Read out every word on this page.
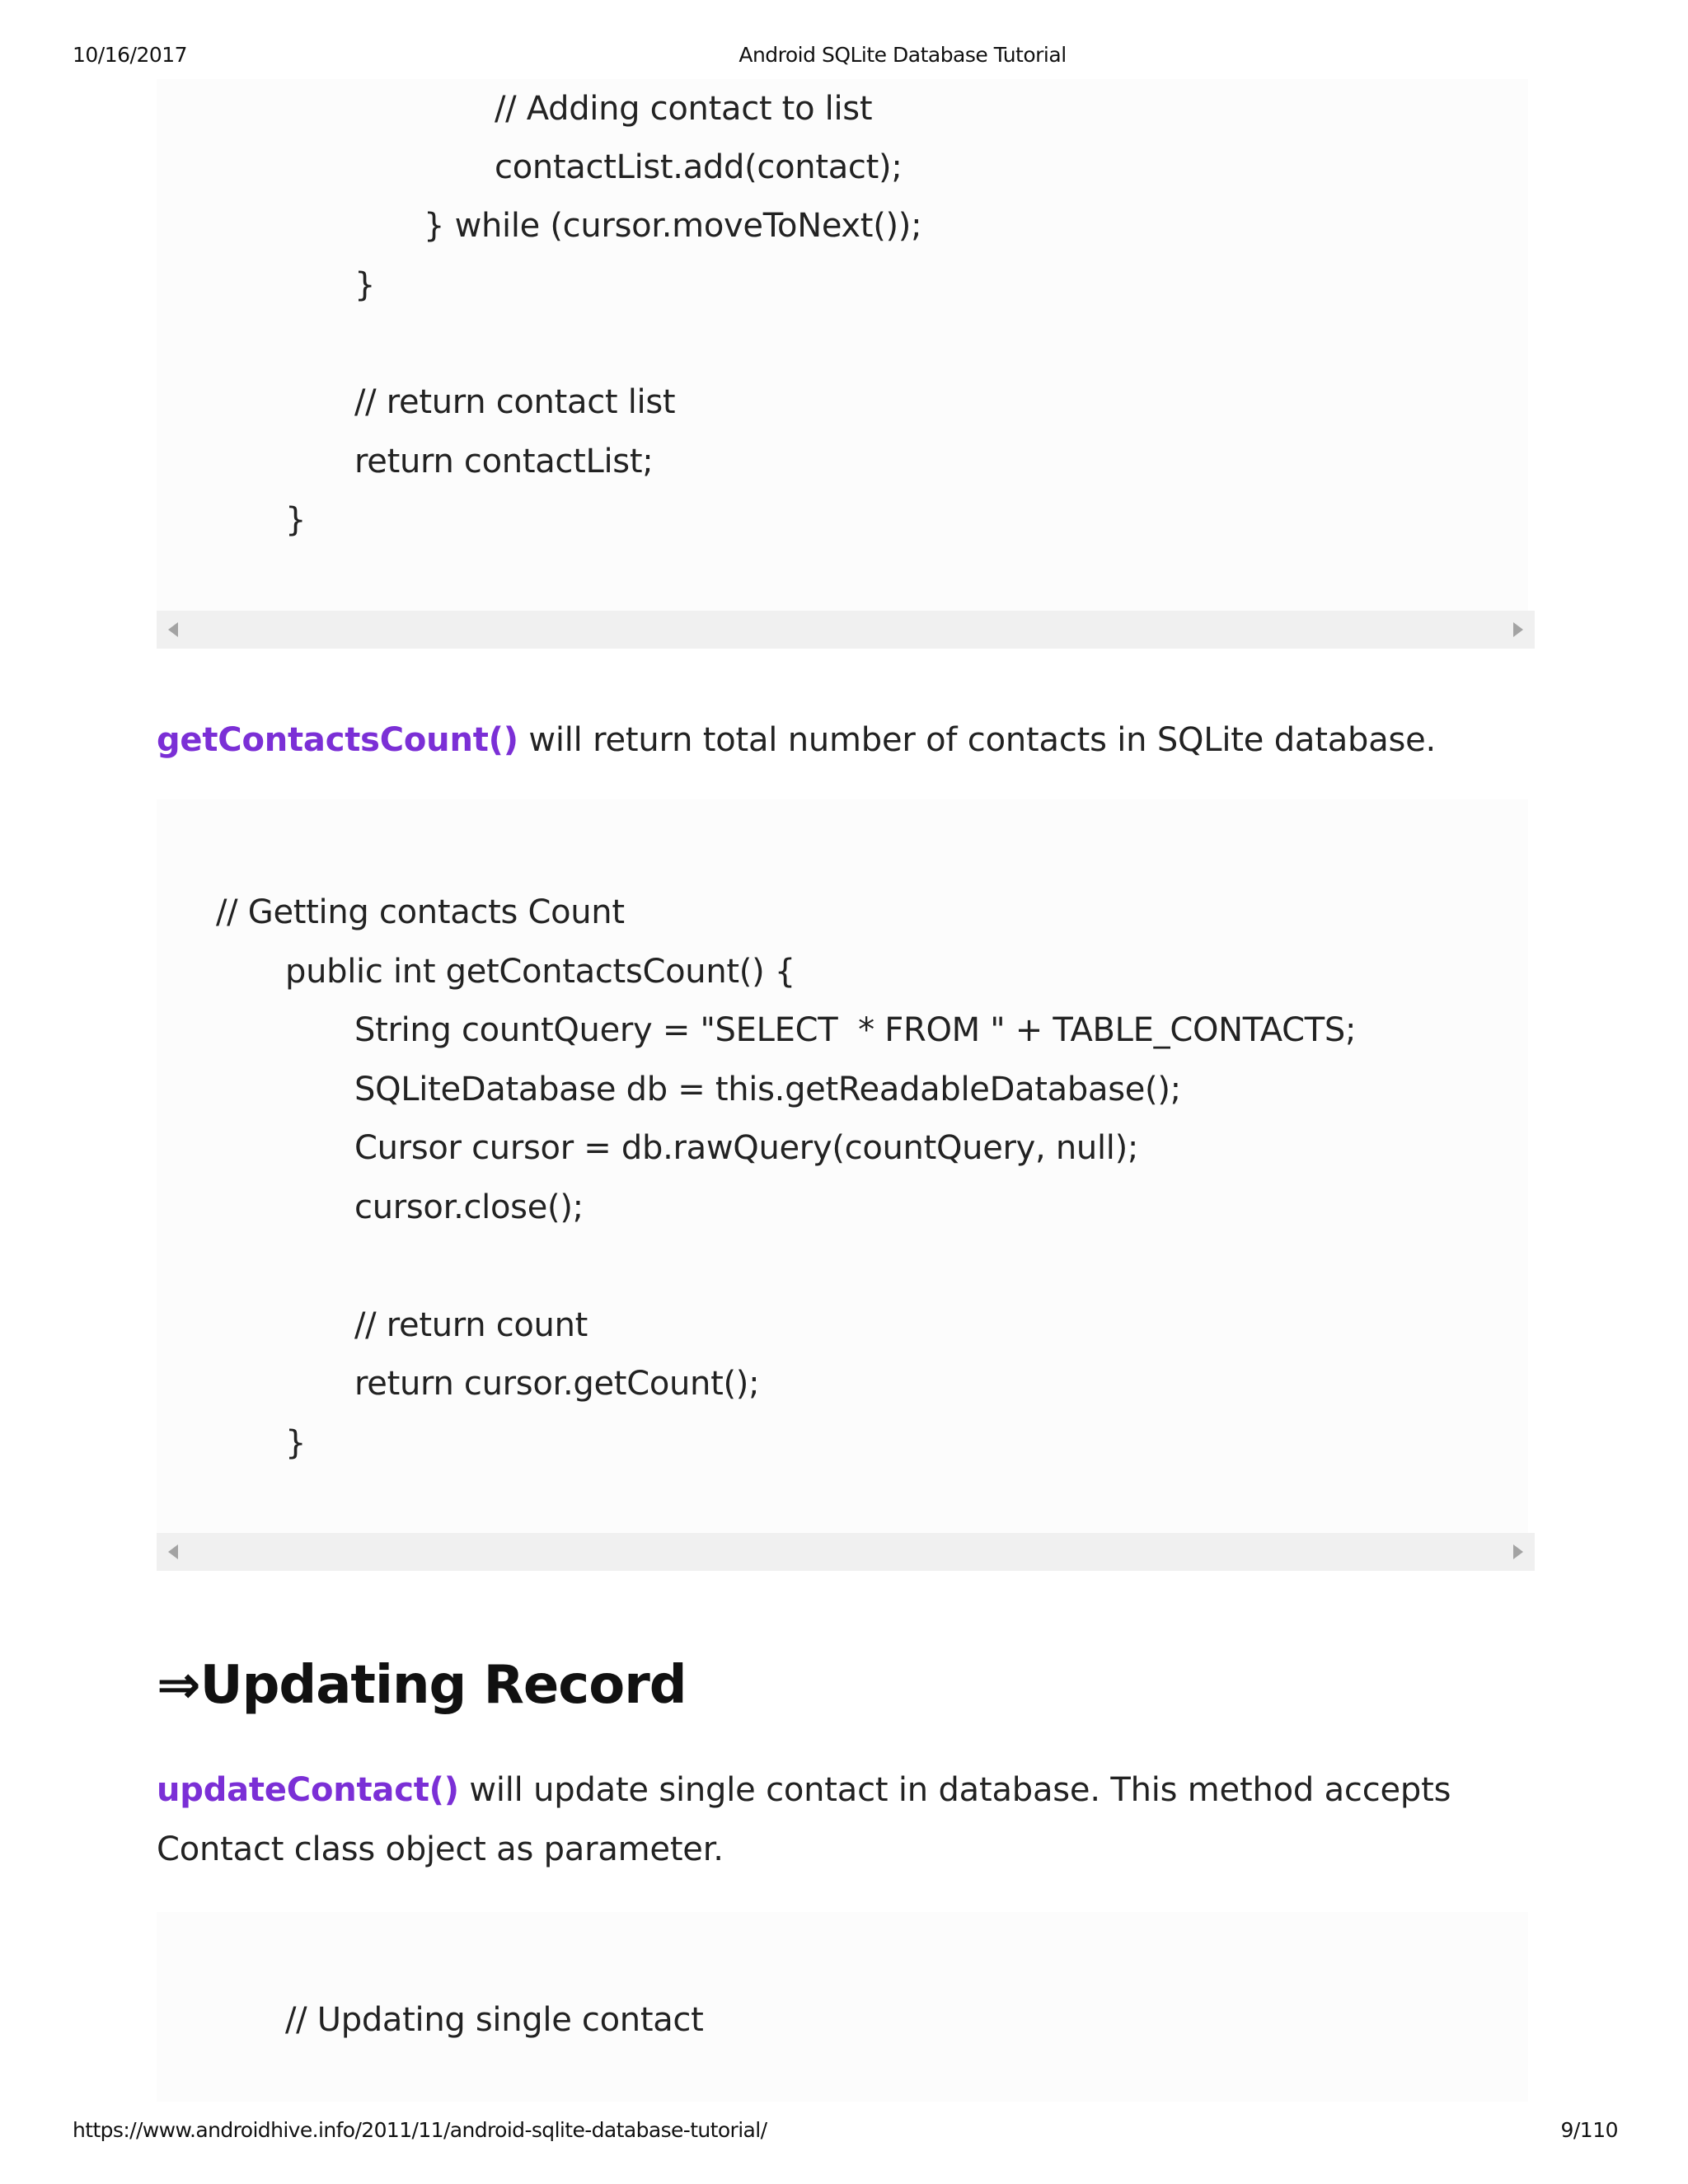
10/16/2017	Android SQLite Database Tutorial
// Adding contact to list
contactList.add(contact);
} while (cursor.moveToNext());
}
// return contact list
return contactList;
}
getContactsCount() will return total number of contacts in SQLite database.
// Getting contacts Count
public int getContactsCount() {
String countQuery = "SELECT  * FROM " + TABLE_CONTACTS;
SQLiteDatabase db = this.getReadableDatabase();
Cursor cursor = db.rawQuery(countQuery, null);
cursor.close();
// return count
return cursor.getCount();
}
⇒Updating Record
updateContact() will update single contact in database. This method accepts Contact class object as parameter.
// Updating single contact
https://www.androidhive.info/2011/11/android-sqlite-database-tutorial/	9/110
